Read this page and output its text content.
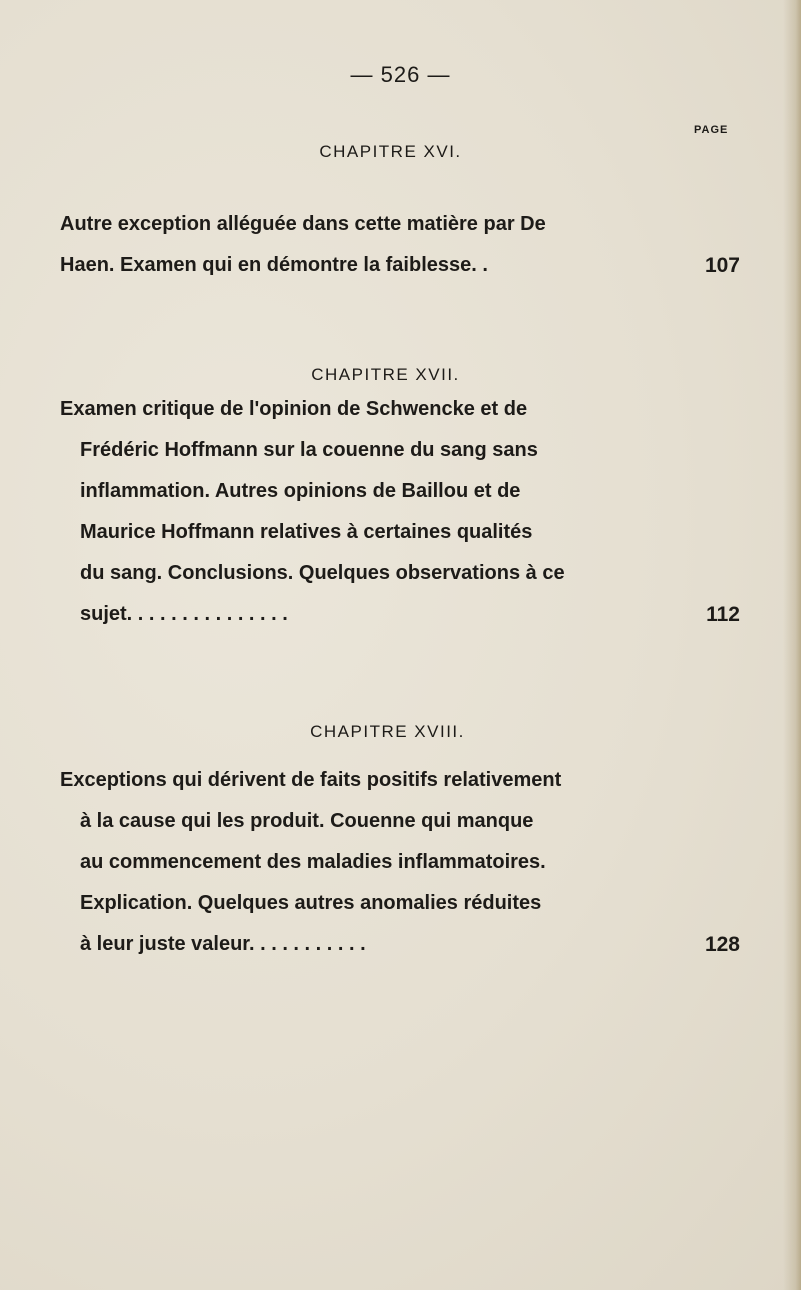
— 526 —
PAGE
CHAPITRE XVI.
Autre exception alléguée dans cette matière par De
Haen. Examen qui en démontre la faiblesse. .	107
CHAPITRE XVII.
Examen critique de l'opinion de Schwencke et de
Frédéric Hoffmann sur la couenne du sang sans
inflammation. Autres opinions de Baillou et de
Maurice Hoffmann relatives à certaines qualités
du sang. Conclusions. Quelques observations à ce
sujet. . . . . . . . . . . . . . .	112
CHAPITRE XVIII.
Exceptions qui dérivent de faits positifs relativement
à la cause qui les produit. Couenne qui manque
au commencement des maladies inflammatoires.
Explication. Quelques autres anomalies réduites
à leur juste valeur. . . . . . . . . . .	128
